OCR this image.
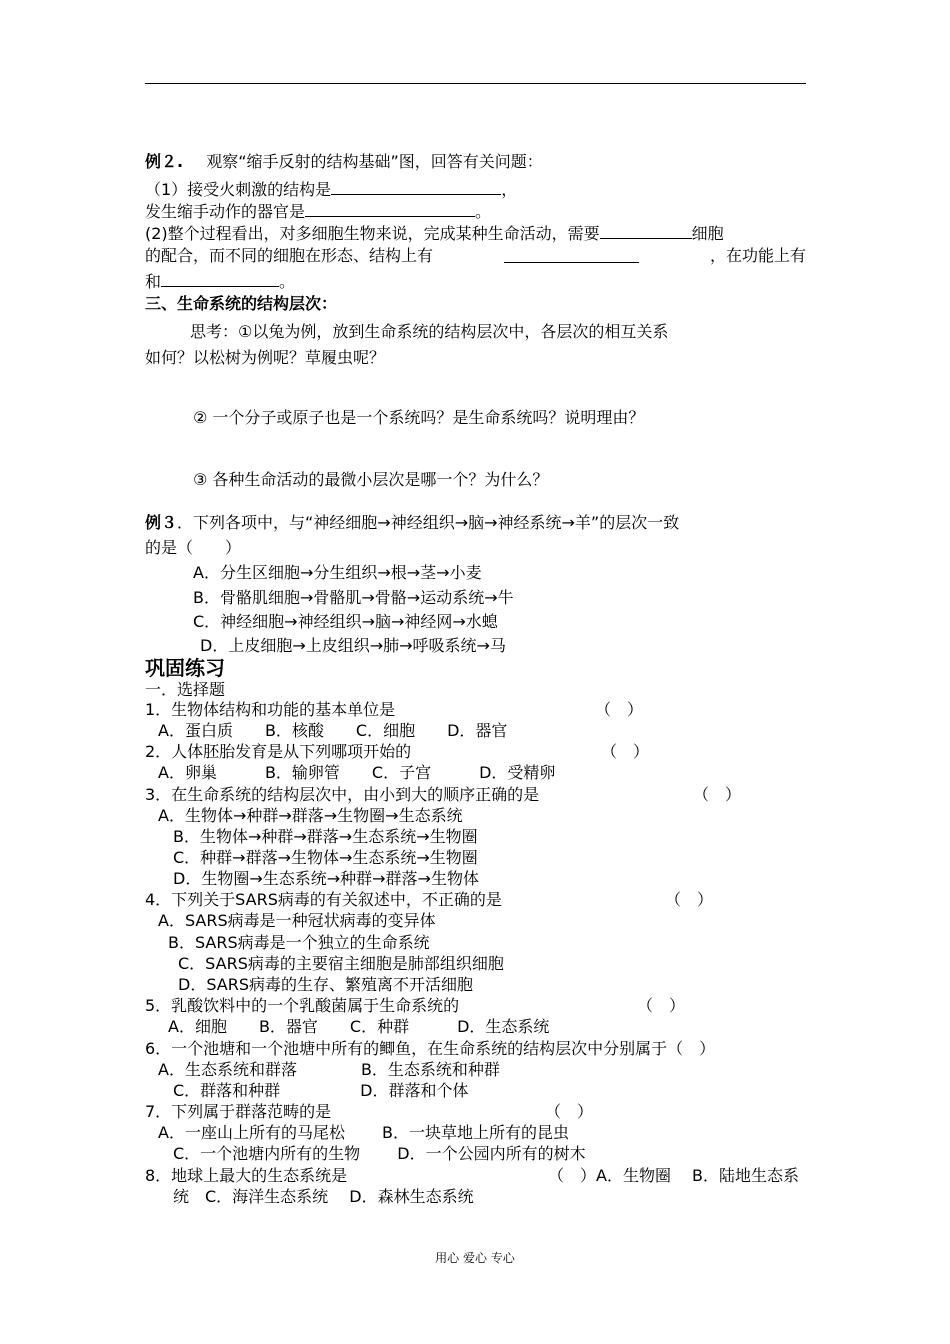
例２. 观察“缩手反射的结构基础”图，回答有关问题：
（1）接受火刺激的结构是	，
发生缩手动作的器官是	。
(2)整个过程看出，对多细胞生物来说，完成某种生命活动，需要	细胞
的配合，而不同的细胞在形态、结构上有	，在功能上有
和	。
三、生命系统的结构层次：
思考：①以兔为例，放到生命系统的结构层次中，各层次的相互关系
如何？以松树为例呢？草履虫呢？
② 一个分子或原子也是一个系统吗？是生命系统吗？说明理由？
③ 各种生命活动的最微小层次是哪一个？为什么？
例３．下列各项中，与“神经细胞→神经组织→脑→神经系统→羊”的层次一致
的是（　　）
A．分生区细胞→分生组织→根→茎→小麦
B．骨骼肌细胞→骨骼肌→骨骼→运动系统→牛
C．神经细胞→神经组织→脑→神经网→水螅
D．上皮细胞→上皮组织→肺→呼吸系统→马
巩固练习
一．选择题
1．生物体结构和功能的基本单位是	（　）
A．蛋白质　　B．核酸　　C．细胞　　D．器官
2．人体胚胎发育是从下列哪项开始的	（　）
A．卵巢　　　B．输卵管　　C．子宫　　　D．受精卵
3．在生命系统的结构层次中，由小到大的顺序正确的是	（　）
A．生物体→种群→群落→生物圈→生态系统
B．生物体→种群→群落→生态系统→生物圈
C．种群→群落→生物体→生态系统→生物圈
D．生物圈→生态系统→种群→群落→生物体
4．下列关于SARS病毒的有关叙述中，不正确的是	（　）
A．SARS病毒是一种冠状病毒的变异体
B．SARS病毒是一个独立的生命系统
C．SARS病毒的主要宿主细胞是肺部组织细胞
D．SARS病毒的生存、繁殖离不开活细胞
5．乳酸饮料中的一个乳酸菌属于生命系统的	（　）
A．细胞　　B．器官　　C．种群　　　D．生态系统
6．一个池塘和一个池塘中所有的鲫鱼，在生命系统的结构层次中分别属于（　）
A．生态系统和群落　　　　B．生态系统和种群
C．群落和种群　　　　　D．群落和个体
7．下列属于群落范畴的是	（　）
A．一座山上所有的马尾松　　 B．一块草地上所有的昆虫
C．一个池塘内所有的生物　　 D．一个公园内所有的树木
8．地球上最大的生态系统是	（　）A．生物圈　 B．陆地生态系
统　C．海洋生态系统　 D．森林生态系统
用心 爱心 专心
